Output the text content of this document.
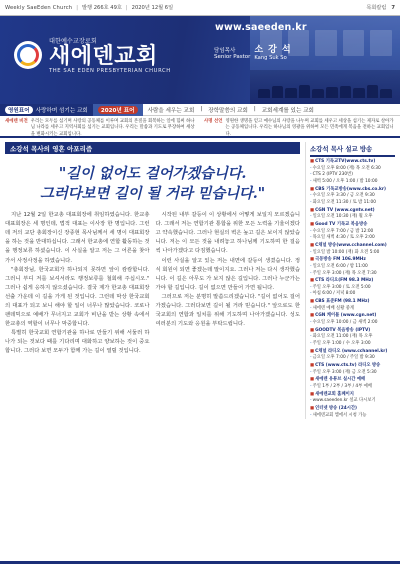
Weekly SaeEden Church | 발행 266호 49호 | 2020년 12월 6일	목회칼럼 7
www.saeeden.kr
대한예수교장로회
새에덴교회
THE SAE EDEN PRESBYTERIAN CHURCH
담임목사
Senior Pastor
소 강 석
Kang Suk So
영원표어	사랑하며 섬기는 교회	2020년 표어	사람을 세우는 교회 | 장학말씀의 교회 | 교회세계를 있는 교회
새에덴 비전 우리는 모두를 섬기며 사랑의 공동체를 이루며 교회의 본질을 회복하는 일에 힘써 하나님 나라를 세우고 지역사회를 섬기는 교회입니다. 우리는 말씀과 기도로 무장하여 세상을 변화시키는 교회입니다.
사명 선언 영원한 생명을 얻고 예수님의 사랑을 나누며 교회를 세우고 세상을 섬기는 제자로 살아가는 공동체입니다. 우리는 하나님의 영광을 위하여 모든 민족에게 복음을 전하는 교회입니다.
소강석 목사의 영혼 아포리즘
"길이 없어도 걸어가겠습니다.
그러다보면 길이 될 거라 믿습니다."

지난 12월 2일 한교총 대표회장에 취임하였습니다. 한교총 대표회장은 세 명인데, 법적 대표는 이사장 한 명입니다. 그런데 저의 교단 총회장이신 장종현 목사님께서 세 명이 대표회장을 하는 것을 반대하십니다. 그래서 한교총에 연합 활동하는 것을 행정보류 하셨습니다. 이 사실을 알고 저는 그 어른을 찾아가서 사정사정을 하였습니다.

"총회장님, 한국교회가 하나되지 못하면 앞이 캄캄합니다. 그러니 부디 저를 보셔서라도 행정보류를 철회해 주십시오." 그러나 쉽게 응하지 않으셨습니다. 결국 제가 한교총 대표회장 선출 가운데 이 길을 가게 된 것입니다. 그런데 막상 한국교회의 대표가 되고 보니 해야 할 일이 너무나 많았습니다. 코로나 팬데믹으로 예배가 무너지고 교회가 비난을 받는 상황 속에서 한교총의 역할이 너무나 막중합니다.

특별히 한국교회 연합기관을 하나로 만들기 위해 서둘러 하나가 되는 것보다 때를 기다리며 대화하고 양보하는 것이 중요합니다. 그러다 보면 모두가 함께 가는 길이 열릴 것입니다.

시작된 내부 갈등이 이 상황에서 어떻게 보일지 모르겠습니다. 그래서 저는 연합기관 통합을 위한 모든 노력을 기울이겠다고 약속했습니다. 그러나 현실의 벽은 높고 길은 보이지 않았습니다. 저는 이 모든 것을 내려놓고 하나님께 기도하며 한 걸음씩 나아가겠다고 다짐했습니다.

이런 사실을 알고 있는 저는 내면에 갈등이 생겼습니다. 정식 회원이 되면 좋겠는데 말이지요. 그러나 저는 다시 생각했습니다. 이 길은 아무도 가 보지 않은 길입니다. 그러나 누군가는 가야 할 길입니다. 길이 없으면 만들어 가면 됩니다.

그러므로 저는 분명히 말씀드리겠습니다. "길이 없어도 걸어가겠습니다. 그러다보면 길이 될 거라 믿습니다." 앞으로도 한국교회의 연합과 일치를 위해 기도하며 나아가겠습니다. 성도 여러분의 기도와 응원을 부탁드립니다.

소강석 목사 설교 방송
■ CTS 기독교TV(www.cts.tv)
- 수요일 오후 8:00 (재) 목 오전 6:30
- CTS 2 (IPTV 230번)
- 새벽 5:00 / 오후 1:00 / 밤 10:00
■ CBS 기독교방송(www.cbs.co.kr)
- 수요일 오후 3:30 / 금 오전 9:30
- 화요일 오전 11:30 / 토 밤 11:00
■ CGN TV (www.cgntv.net)
- 일요일 오전 10:30 (재) 월 오후
■ Good TV 기독교 복음방송
- 수요일 오후 7:00 / 금 밤 12:00
- 목요일 새벽 4:30 / 토 오후 2:00
■ C채널 방송(www.cchannel.com)
- 일요일 밤 10:00 (재) 화 오전 5:00
■ 극동방송 FM 106.9MHz
- 일요일 오전 6:00 / 밤 11:00
- 주일 오후 3:00 (재) 목 오전 7:30
■ CTS 라디오(FM 98.3 MHz)
- 주일 오후 3:00 / 토 오전 5:00
- 아침 6:00 / 저녁 8:00
■ CBS 표준FM (98.1 MHz)
- 새에덴 예배 실황 중계
■ CGN 케이블 (www.cgn.net)
- 수요일 오후 10:00 / 금 새벽 2:00
■ GOODTV 복음방송 (IPTV)
- 화요일 오전 11:00 (재) 목 오후
- 주일 오후 1:00 / 수 오후 3:00
■ C채널 라디오 (www.cchannel.kr)
- 금요일 오후 7:00 / 주일 밤 9:30
■ CTS (www.cts.tv) 라디오 방송
- 주일 오후 3:00 (재) 금 오전 5:30
■ 새에덴 유튜브 실시간 예배
- 주일 1부 / 2부 / 3부 / 4부 예배
■ 새에덴교회 홈페이지
- www.saeeden.kr 설교 다시보기
■ 인터넷 방송 (24시간)
- 새에덴교회 앱에서 시청 가능
